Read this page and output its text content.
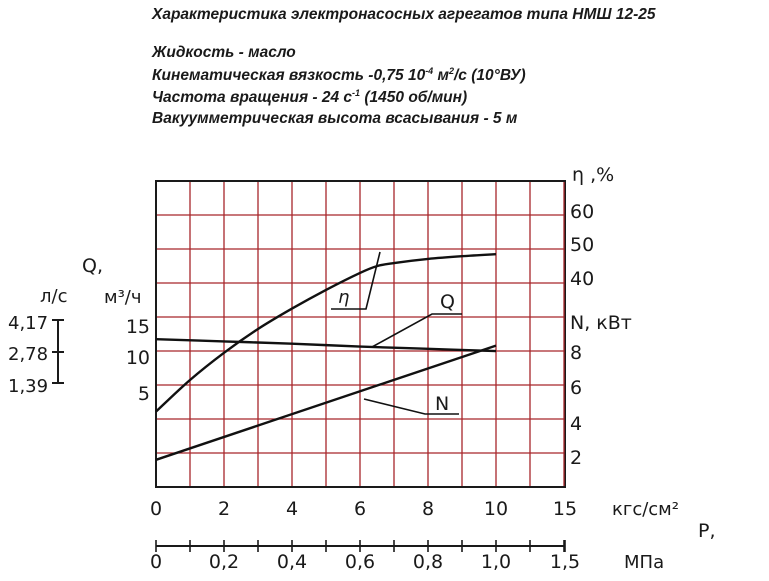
Характеристика электронасосных агрегатов типа НМШ 12-25
Жидкость - масло
Кинематическая вязкость -0,75 $10^{-4}$ $м^2/с$ (10°ВУ)
Частота вращения - 24 $с^{-1}$ (1450 об/мин)
Вакуумметрическая высота всасывания - 5 м
0	2	4	6	8	10 15 кгс/см²
P,
0 0,2 0,4 0,6 0,8 1,0 1,5 МПа
Q,
м³/ч
15
10
5
л/с
4,17
2,78
1,39
η ,%
60
50
40
N, кВт
8
6
4
2
η	Q
N
